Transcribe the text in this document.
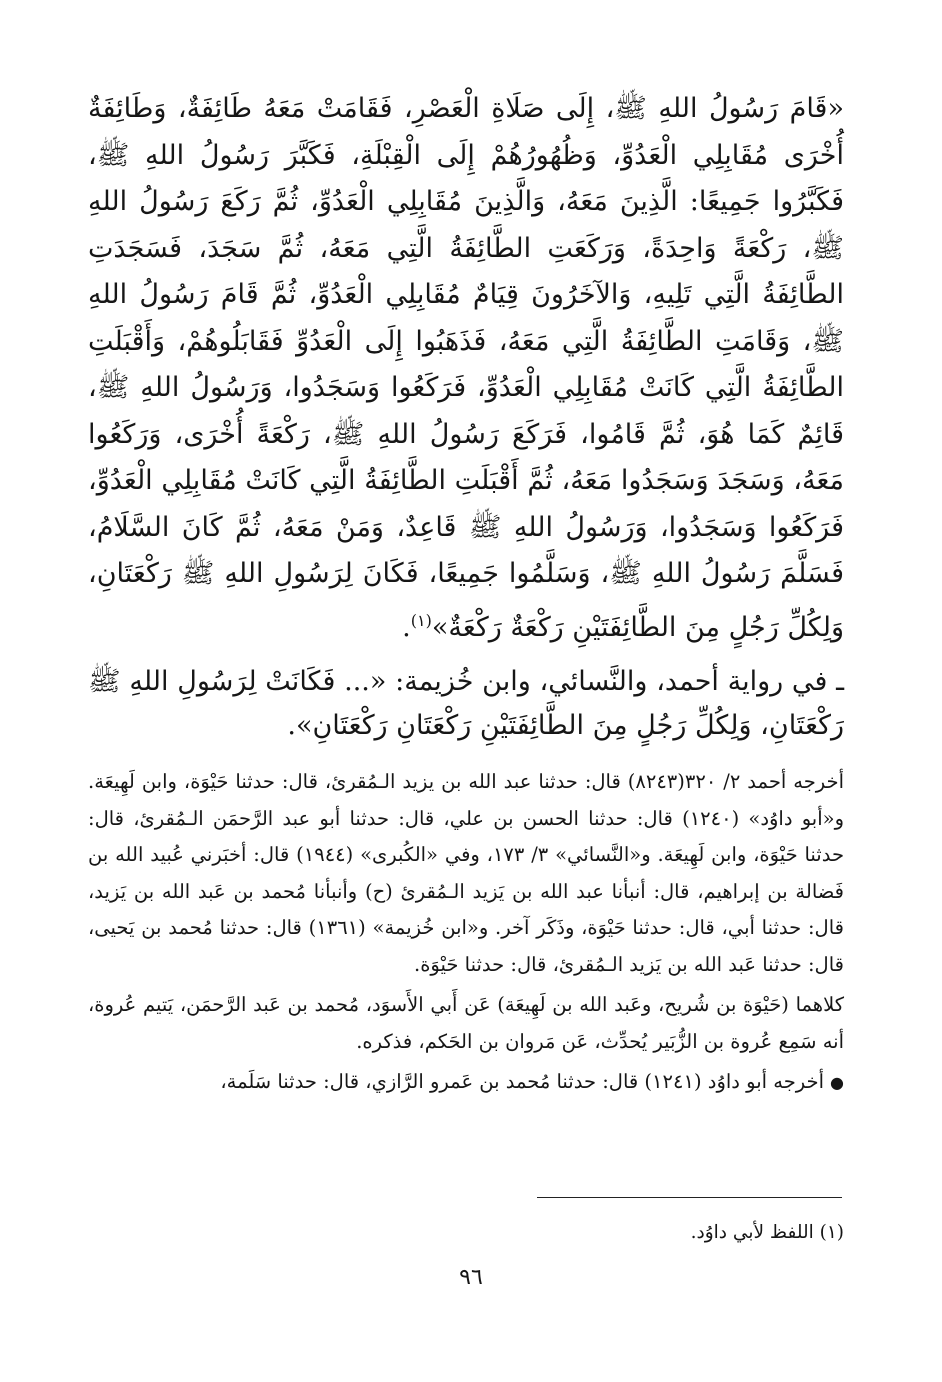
«قَامَ رَسُولُ اللهِ ﷺ، إِلَى صَلَاةِ الْعَصْرِ، فَقَامَتْ مَعَهُ طَائِفَةٌ، وَطَائِفَةٌ أُخْرَى مُقَابِلِي الْعَدُوِّ، وَظُهُورُهُمْ إِلَى الْقِبْلَةِ، فَكَبَّرَ رَسُولُ اللهِ ﷺ، فَكَبَّرُوا جَمِيعًا: الَّذِينَ مَعَهُ، وَالَّذِينَ مُقَابِلِي الْعَدُوِّ، ثُمَّ رَكَعَ رَسُولُ اللهِ ﷺ، رَكْعَةً وَاحِدَةً، وَرَكَعَتِ الطَّائِفَةُ الَّتِي مَعَهُ، ثُمَّ سَجَدَ، فَسَجَدَتِ الطَّائِفَةُ الَّتِي تَلِيهِ، وَالآخَرُونَ قِيَامٌ مُقَابِلِي الْعَدُوِّ، ثُمَّ قَامَ رَسُولُ اللهِ ﷺ، وَقَامَتِ الطَّائِفَةُ الَّتِي مَعَهُ، فَذَهَبُوا إِلَى الْعَدُوِّ فَقَابَلُوهُمْ، وَأَقْبَلَتِ الطَّائِفَةُ الَّتِي كَانَتْ مُقَابِلِي الْعَدُوِّ، فَرَكَعُوا وَسَجَدُوا، وَرَسُولُ اللهِ ﷺ، قَائِمٌ كَمَا هُوَ، ثُمَّ قَامُوا، فَرَكَعَ رَسُولُ اللهِ ﷺ، رَكْعَةً أُخْرَى، وَرَكَعُوا مَعَهُ، وَسَجَدَ وَسَجَدُوا مَعَهُ، ثُمَّ أَقْبَلَتِ الطَّائِفَةُ الَّتِي كَانَتْ مُقَابِلِي الْعَدُوِّ، فَرَكَعُوا وَسَجَدُوا، وَرَسُولُ اللهِ ﷺ قَاعِدٌ، وَمَنْ مَعَهُ، ثُمَّ كَانَ السَّلَامُ، فَسَلَّمَ رَسُولُ اللهِ ﷺ، وَسَلَّمُوا جَمِيعًا، فَكَانَ لِرَسُولِ اللهِ ﷺ رَكْعَتَانِ، وَلِكُلِّ رَجُلٍ مِنَ الطَّائِفَتَيْنِ رَكْعَةٌ رَكْعَةٌ»$^{(١)}$.

ـ في رواية أحمد، والنَّسائي، وابن خُزيمة: «... فَكَانَتْ لِرَسُولِ اللهِ ﷺ رَكْعَتَانِ، وَلِكُلِّ رَجُلٍ مِنَ الطَّائِفَتَيْنِ رَكْعَتَانِ رَكْعَتَانِ».

أخرجه أحمد ٢/ ٣٢٠(٨٢٤٣) قال: حدثنا عبد الله بن يزيد الـمُقرئ، قال: حدثنا حَيْوَة، وابن لَهِيعَة. و«أبو داوُد» (١٢٤٠) قال: حدثنا الحسن بن علي، قال: حدثنا أبو عبد الرَّحمَن الـمُقرئ، قال: حدثنا حَيْوَة، وابن لَهِيعَة. و«النَّسائي» ٣/ ١٧٣، وفي «الكُبرى» (١٩٤٤) قال: أخبَرني عُبيد الله بن فَضالة بن إبراهيم، قال: أنبأنا عبد الله بن يَزيد الـمُقرئ (ح) وأنبأنا مُحمد بن عَبد الله بن يَزيد، قال: حدثنا أبي، قال: حدثنا حَيْوَة، وذَكَر آخر. و«ابن خُزيمة» (١٣٦١) قال: حدثنا مُحمد بن يَحيى، قال: حدثنا عَبد الله بن يَزيد الـمُقرئ، قال: حدثنا حَيْوَة.

كلاهما (حَيْوَة بن شُريح، وعَبد الله بن لَهِيعَة) عَن أَبي الأَسوَد، مُحمد بن عَبد الرَّحمَن، يَتيم عُروة، أنه سَمِع عُروة بن الزُّبَير يُحدِّث، عَن مَروان بن الحَكم، فذكره.

●أخرجه أبو داوُد (١٢٤١) قال: حدثنا مُحمد بن عَمرو الرَّازي، قال: حدثنا سَلَمة،

(١) اللفظ لأبي داوُد.
٩٦
